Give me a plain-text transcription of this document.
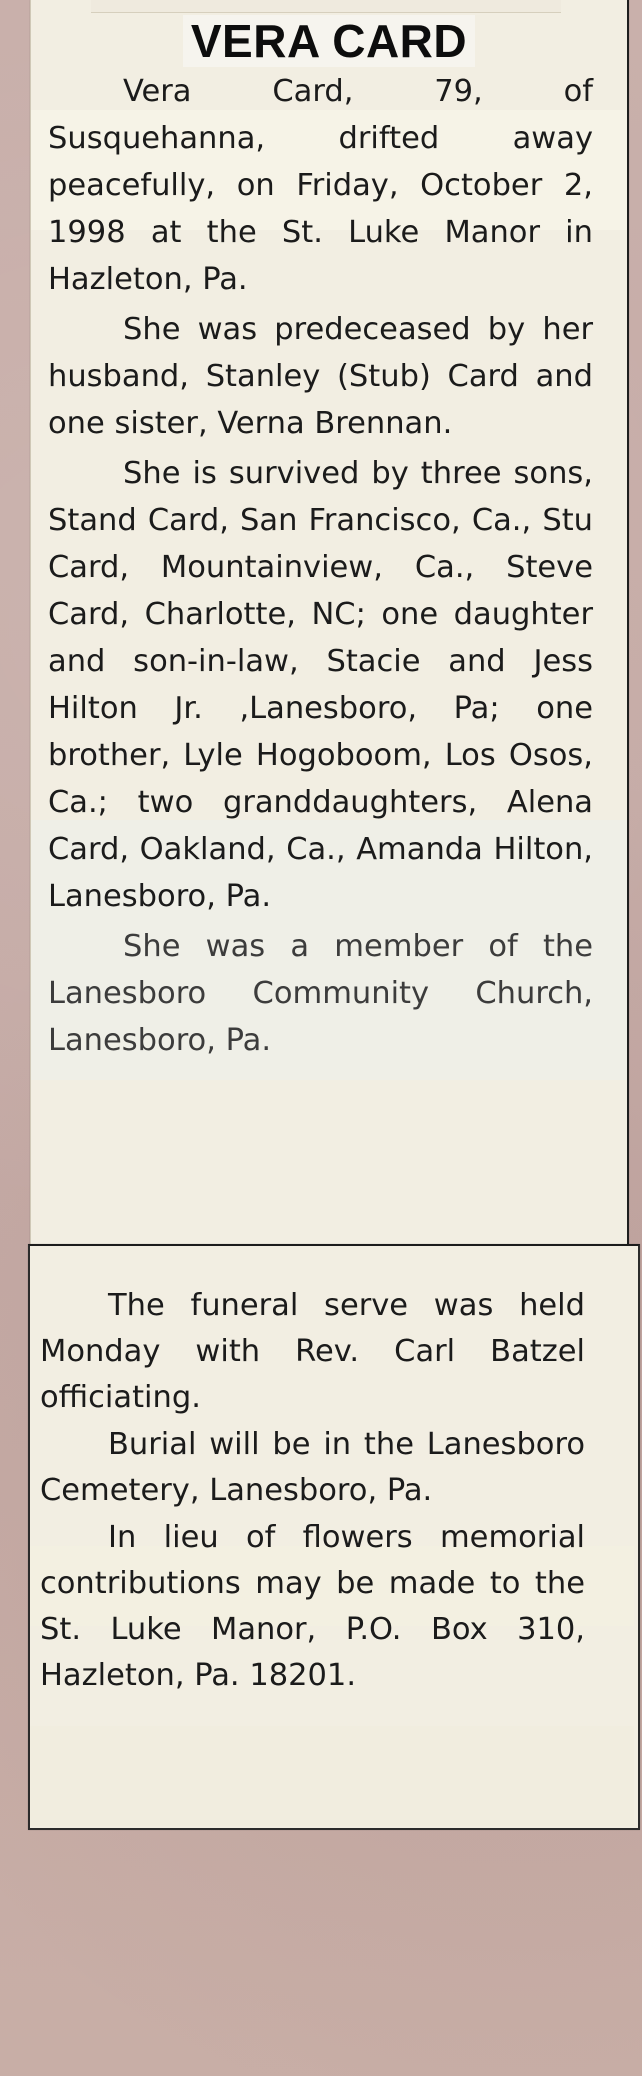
VERA CARD

Vera Card, 79, of Susquehanna, drifted away peacefully, on Friday, October 2, 1998 at the St. Luke Manor in Hazleton, Pa.

She was predeceased by her husband, Stanley (Stub) Card and one sister, Verna Brennan.

She is survived by three sons, Stand Card, San Francisco, Ca., Stu Card, Mountainview, Ca., Steve Card, Charlotte, NC; one daughter and son-in-law, Stacie and Jess Hilton Jr. ,Lanesboro, Pa; one brother, Lyle Hogoboom, Los Osos, Ca.; two granddaughters, Alena Card, Oakland, Ca., Amanda Hilton, Lanesboro, Pa.

She was a member of the Lanesboro Community Church, Lanesboro, Pa.

The funeral serve was held Monday with Rev. Carl Batzel officiating.

Burial will be in the Lanesboro Cemetery, Lanesboro, Pa.

In lieu of flowers memorial contributions may be made to the St. Luke Manor, P.O. Box 310, Hazleton, Pa. 18201.
